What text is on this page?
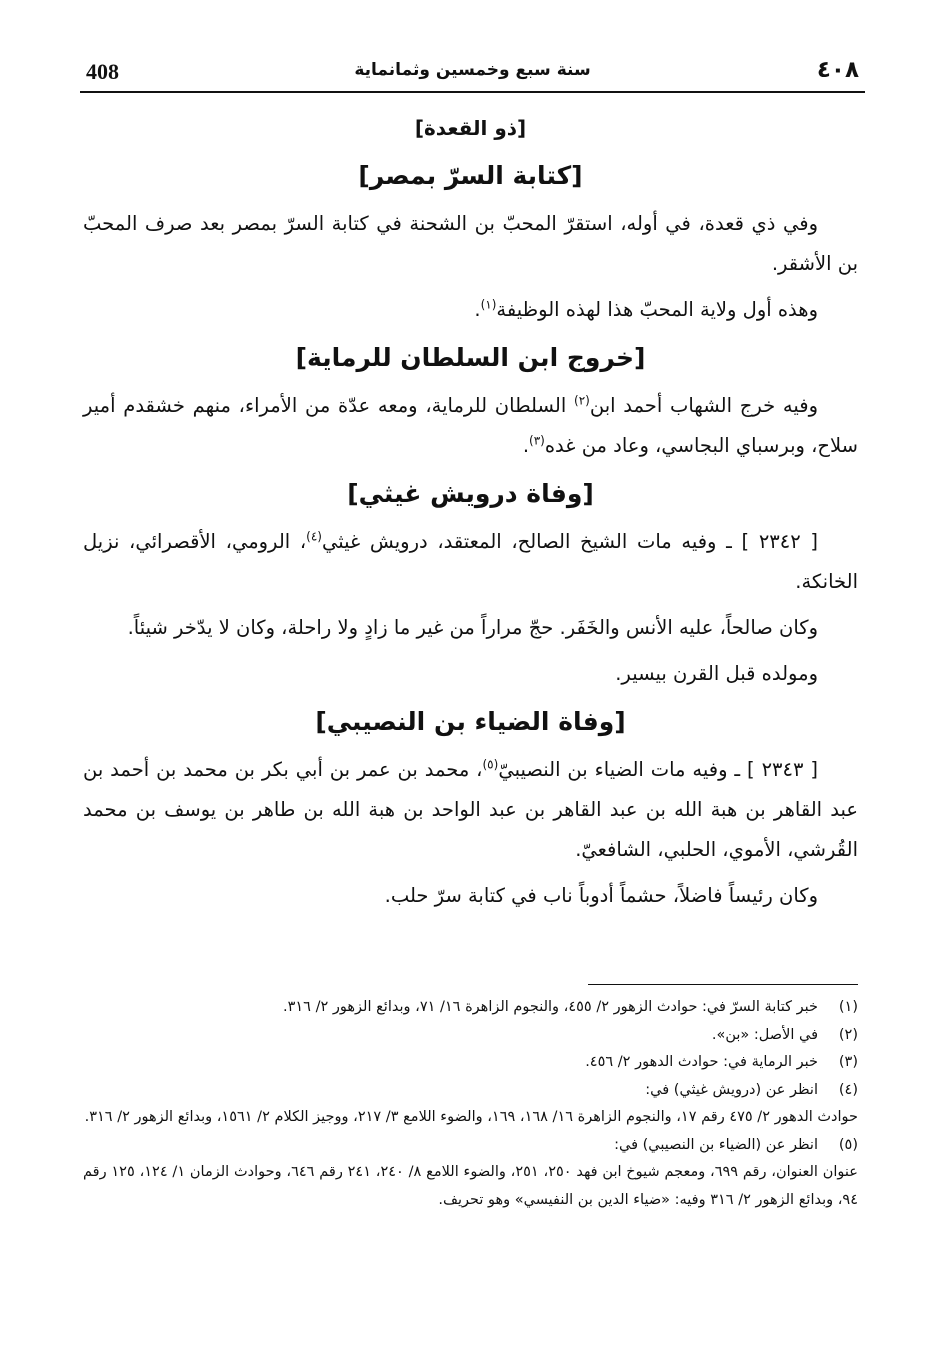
408	سنة سبع وخمسين وثمانماية	٤٠٨
[ذو القعدة]
[كتابة السرّ بمصر]

وفي ذي قعدة، في أوله، استقرّ المحبّ بن الشحنة في كتابة السرّ بمصر بعد صرف المحبّ بن الأشقر.

وهذه أول ولاية المحبّ هذا لهذه الوظيفة$^{(١)}$.

[خروج ابن السلطان للرماية]

وفيه خرج الشهاب أحمد ابن$^{(٢)}$ السلطان للرماية، ومعه عدّة من الأمراء، منهم خشقدم أمير سلاح، وبرسباي البجاسي، وعاد من غده$^{(٣)}$.

[وفاة درويش غيثي]

[ ٢٣٤٢ ] ـ وفيه مات الشيخ الصالح، المعتقد، درويش غيثي$^{(٤)}$، الرومي، الأقصرائي، نزيل الخانكة.

وكان صالحاً، عليه الأنس والخَفَر. حجّ مراراً من غير ما زادٍ ولا راحلة، وكان لا يدّخر شيئاً.

ومولده قبل القرن بيسير.

[وفاة الضياء بن النصيبي]

[ ٢٣٤٣ ] ـ وفيه مات الضياء بن النصيبيّ$^{(٥)}$، محمد بن عمر بن أبي بكر بن محمد بن أحمد بن عبد القاهر بن هبة الله بن عبد القاهر بن عبد الواحد بن هبة الله بن طاهر بن يوسف بن محمد القُرشي، الأموي، الحلبي، الشافعيّ.

وكان رئيساً فاضلاً، حشماً أدوباً ناب في كتابة سرّ حلب.

(١)
خبر كتابة السرّ في: حوادث الزهور ٢/ ٤٥٥، والنجوم الزاهرة ١٦/ ٧١، وبدائع الزهور ٢/ ٣١٦.
(٢)
في الأصل: «بن».
(٣)
خبر الرماية في: حوادث الدهور ٢/ ٤٥٦.
(٤)
انظر عن (درويش غيثي) في:
حوادث الدهور ٢/ ٤٧٥ رقم ١٧، والنجوم الزاهرة ١٦/ ١٦٨، ١٦٩، والضوء اللامع ٣/ ٢١٧، ووجيز الكلام ٢/ ١٥٦١، وبدائع الزهور ٢/ ٣١٦.
(٥)
انظر عن (الضياء بن النصيبي) في:
عنوان العنوان، رقم ٦٩٩، ومعجم شيوخ ابن فهد ٢٥٠، ٢٥١، والضوء اللامع ٨/ ٢٤٠، ٢٤١ رقم ٦٤٦، وحوادث الزمان ١/ ١٢٤، ١٢٥ رقم ٩٤، وبدائع الزهور ٢/ ٣١٦ وفيه: «ضياء الدين بن النفيسي» وهو تحريف.
